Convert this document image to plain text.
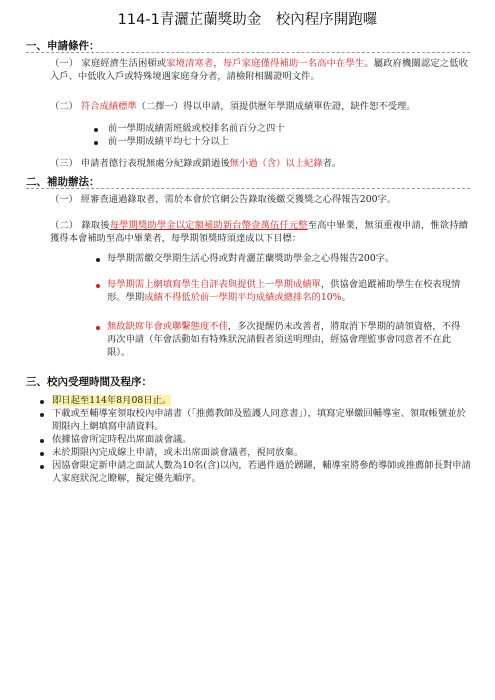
114-1青灑芷蘭獎助金　校內程序開跑囉
一、申請條件：
（一） 家庭經濟生活困頓或家境清寒者，每戶家庭僅得補助一名高中在學生。屬政府機關認定之低收入戶、中低收入戶或特殊境遇家庭身分者，請檢附相關證明文件。
（二） 符合成績標準（二擇一）得以申請，須提供歷年學期成績單佐證，缺件恕不受理。
前一學期成績需班級或校排名前百分之四十
前一學期成績平均七十分以上
（三） 申請者德行表現無處分紀錄或銷過後無小過（含）以上紀錄者。
二、補助辦法：
（一） 經審查通過錄取者，需於本會於官網公告錄取後繳交獲獎之心得報告200字。
（二） 錄取後每學期獎助學金以定額補助新台幣壹萬伍仟元整至高中畢業，無須重複申請，惟欲持續獲得本會補助至高中畢業者，每學期領獎時須達成以下目標：
每學期需繳交學期生活心得或對青灑芷蘭獎助學金之心得報告200字。
每學期需上網填寫學生自評表與提供上一學期成績單，供協會追蹤補助學生在校表現情形。學期成績不得低於前一學期平均成績或總排名的10%。
無故缺席年會或聯繫態度不佳，多次提醒仍未改善者，將取消下學期的請領資格，不得再次申請（年會活動如有特殊狀況請假者須送明理由，經協會理監事會同意者不在此限）。
三、校內受理時間及程序：
即日起至114年8月08日止。
下載或至輔導室領取校內申請書（「推薦教師及監護人同意書」），填寫完畢繳回輔導室、領取帳號並於期限內上網填寫申請資料。
依據協會所定時程出席面談會議。
未於期限內完成線上申請，或未出席面談會議者，視同放棄。
因協會限定新申請之面試人數為10名(含)以內，若遇件過於踴躍，輔導室將參酌導師或推薦師長對申請人家庭狀況之瞭解，擬定優先順序。
